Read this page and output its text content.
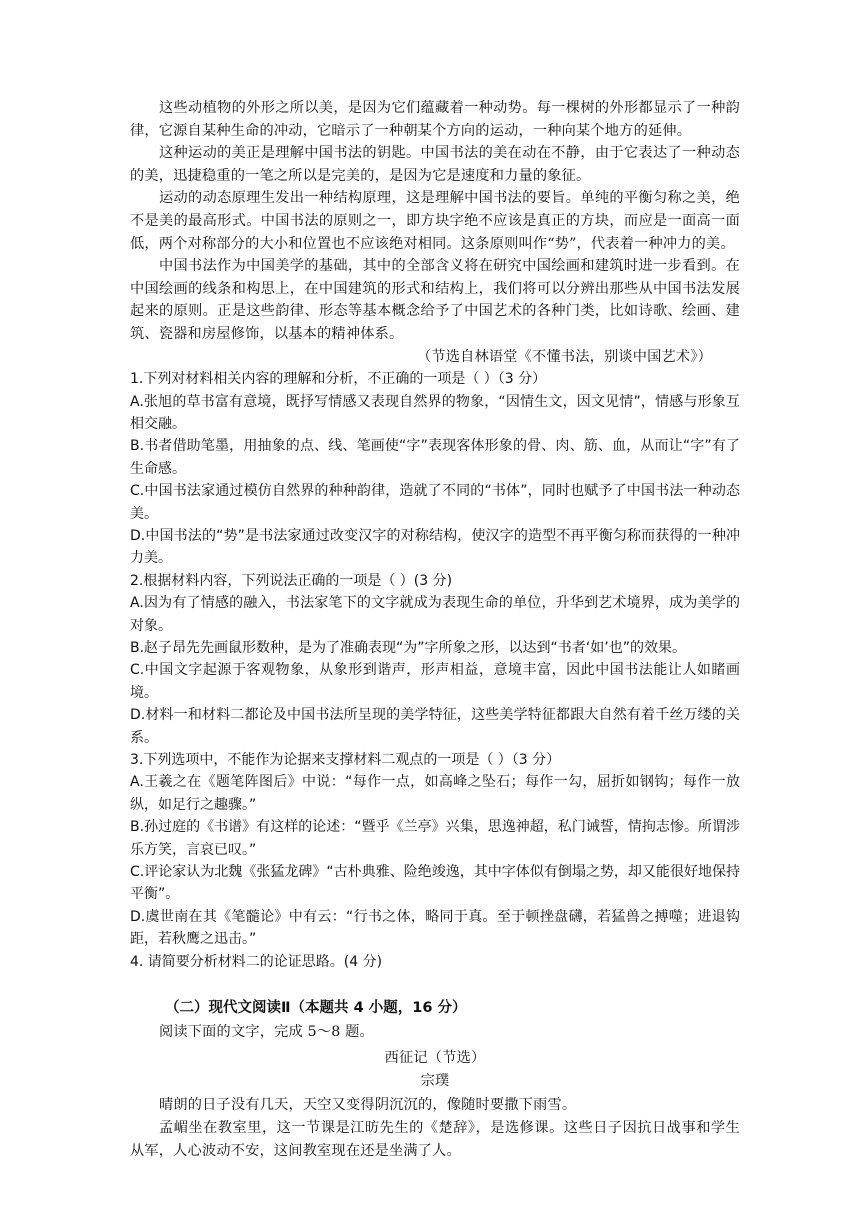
这些动植物的外形之所以美，是因为它们蕴藏着一种动势。每一棵树的外形都显示了一种韵律，它源自某种生命的冲动，它暗示了一种朝某个方向的运动，一种向某个地方的延伸。

这种运动的美正是理解中国书法的钥匙。中国书法的美在动在不静，由于它表达了一种动态的美，迅捷稳重的一笔之所以是完美的，是因为它是速度和力量的象征。

运动的动态原理生发出一种结构原理，这是理解中国书法的要旨。单纯的平衡匀称之美，绝不是美的最高形式。中国书法的原则之一，即方块字绝不应该是真正的方块，而应是一面高一面低，两个对称部分的大小和位置也不应该绝对相同。这条原则叫作“势”，代表着一种冲力的美。

中国书法作为中国美学的基础，其中的全部含义将在研究中国绘画和建筑时进一步看到。在中国绘画的线条和构思上，在中国建筑的形式和结构上，我们将可以分辨出那些从中国书法发展起来的原则。正是这些韵律、形态等基本概念给予了中国艺术的各种门类，比如诗歌、绘画、建筑、瓷器和房屋修饰，以基本的精神体系。

（节选自林语堂《不懂书法，别谈中国艺术》）

1.下列对材料相关内容的理解和分析，不正确的一项是（ ）（3 分）

A.张旭的草书富有意境，既抒写情感又表现自然界的物象，“因情生文，因文见情”，情感与形象互相交融。

B.书者借助笔墨，用抽象的点、线、笔画使“字”表现客体形象的骨、肉、筋、血，从而让“字”有了生命感。

C.中国书法家通过模仿自然界的种种韵律，造就了不同的“书体”，同时也赋予了中国书法一种动态美。

D.中国书法的“势”是书法家通过改变汉字的对称结构，使汉字的造型不再平衡匀称而获得的一种冲力美。

2.根据材料内容，下列说法正确的一项是（ ）(3 分)

A.因为有了情感的融入，书法家笔下的文字就成为表现生命的单位，升华到艺术境界，成为美学的对象。

B.赵子昂先先画鼠形数种，是为了准确表现“为”字所象之形，以达到“书者‘如’也”的效果。

C.中国文字起源于客观物象，从象形到谐声，形声相益，意境丰富，因此中国书法能让人如睹画境。

D.材料一和材料二都论及中国书法所呈现的美学特征，这些美学特征都跟大自然有着千丝万缕的关系。

3.下列选项中，不能作为论据来支撑材料二观点的一项是（ ）（3 分）

A.王羲之在《题笔阵图后》中说：“每作一点，如高峰之坠石；每作一勾，屈折如钢钩；每作一放纵，如足行之趣骤。”

B.孙过庭的《书谱》有这样的论述：“暨乎《兰亭》兴集，思逸神超，私门诫誓，情拘志惨。所谓涉乐方笑，言哀已叹。”

C.评论家认为北魏《张猛龙碑》“古朴典雅、险绝竣逸，其中字体似有倒塌之势，却又能很好地保持平衡”。

D.虞世南在其《笔髓论》中有云：“行书之体，略同于真。至于顿挫盘礴，若猛兽之搏噬；进退钩距，若秋鹰之迅击。”

4. 请简要分析材料二的论证思路。(4 分)

（二）现代文阅读Ⅱ（本题共 4 小题，16 分）

阅读下面的文字，完成 5～8 题。

西征记（节选）

宗璞

晴朗的日子没有几天，天空又变得阴沉沉的，像随时要撒下雨雪。

孟嵋坐在教室里，这一节课是江昉先生的《楚辞》，是选修课。这些日子因抗日战事和学生从军，人心波动不安，这间教室现在还是坐满了人。
